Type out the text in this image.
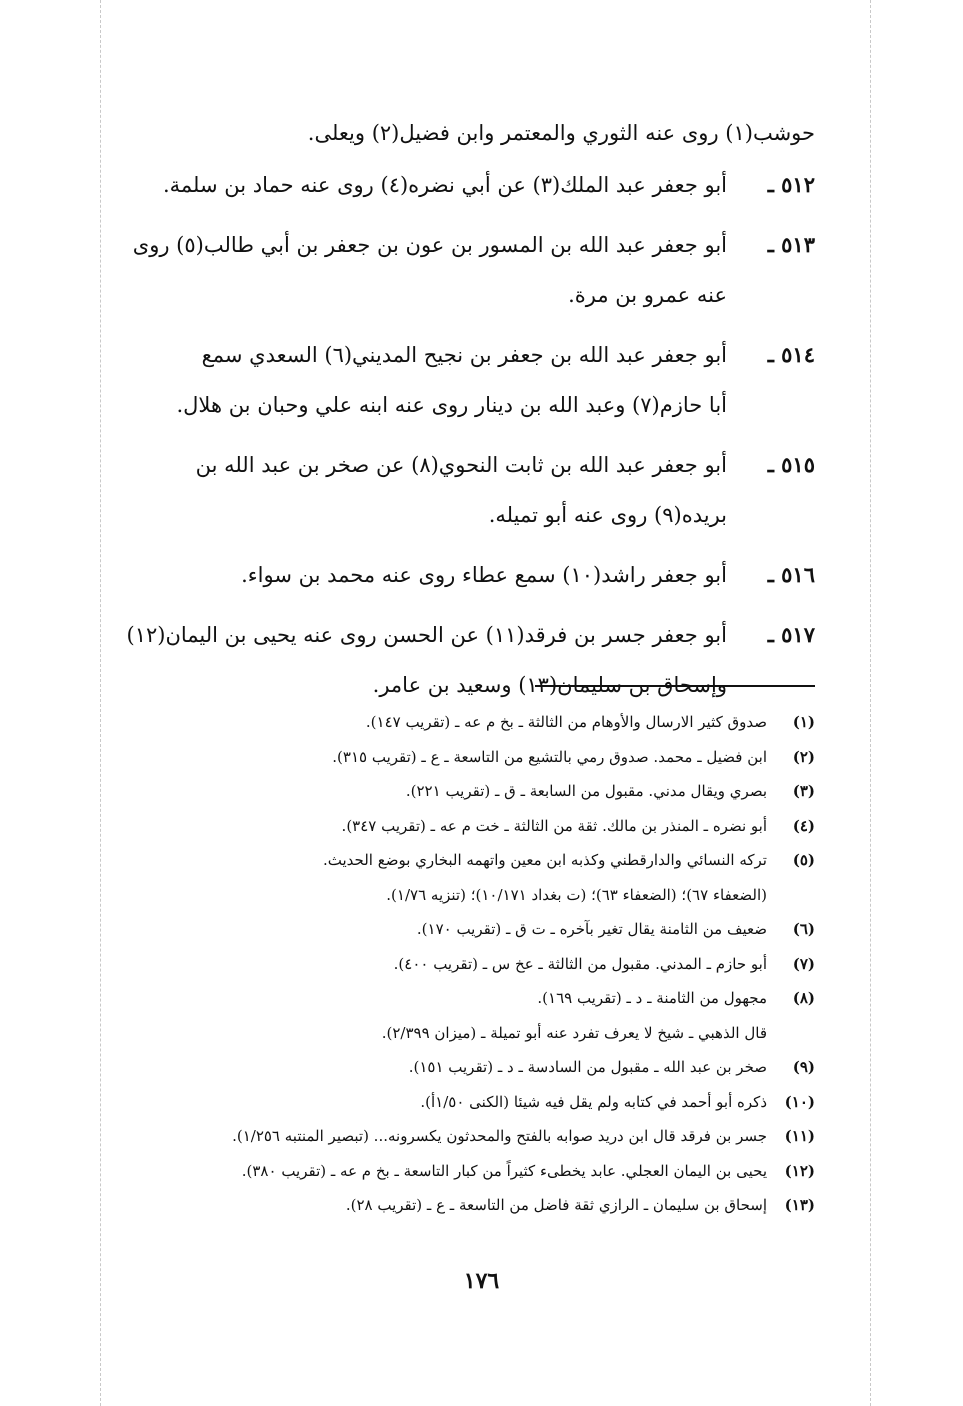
حوشب(١) روى عنه الثوري والمعتمر وابن فضيل(٢) ويعلى.
٥١٢ ـ
أبو جعفر عبد الملك(٣) عن أبي نضره(٤) روى عنه حماد بن سلمة.
٥١٣ ـ
أبو جعفر عبد الله بن المسور بن عون بن جعفر بن أبي طالب(٥) روى
عنه عمرو بن مرة.
٥١٤ ـ
أبو جعفر عبد الله بن جعفر بن نجيح المديني(٦) السعدي سمع
أبا حازم(٧) وعبد الله بن دينار روى عنه ابنه علي وحبان بن هلال.
٥١٥ ـ
أبو جعفر عبد الله بن ثابت النحوي(٨) عن صخر بن عبد الله بن
بريده(٩) روى عنه أبو تميله.
٥١٦ ـ
أبو جعفر راشد(١٠) سمع عطاء روى عنه محمد بن سواء.
٥١٧ ـ
أبو جعفر جسر بن فرقد(١١) عن الحسن روى عنه يحيى بن اليمان(١٢)
وإسحاق بن سليمان(١٣) وسعيد بن عامر.
(١)
صدوق كثير الارسال والأوهام من الثالثة ـ بخ م عه ـ (تقريب ١٤٧).
(٢)
ابن فضيل ـ محمد. صدوق رمي بالتشيع من التاسعة ـ ع ـ (تقريب ٣١٥).
(٣)
بصري ويقال مدني. مقبول من السابعة ـ ق ـ (تقريب ٢٢١).
(٤)
أبو نضره ـ المنذر بن مالك. ثقة من الثالثة ـ خت م عه ـ (تقريب ٣٤٧).
(٥)
تركه النسائي والدارقطني وكذبه ابن معين واتهمه البخاري بوضع الحديث.
(الضعفاء ٦٧)؛ (الضعفاء ٦٣)؛ (ت بغداد ١٠/١٧١)؛ (تنزيه ١/٧٦).
(٦)
ضعيف من الثامنة يقال تغير بآخره ـ ت ق ـ (تقريب ١٧٠).
(٧)
أبو حازم ـ المدني. مقبول من الثالثة ـ عخ س ـ (تقريب ٤٠٠).
(٨)
مجهول من الثامنة ـ د ـ (تقريب ١٦٩).
قال الذهبي ـ شيخ لا يعرف تفرد عنه أبو تميلة ـ (ميزان ٢/٣٩٩).
(٩)
صخر بن عبد الله ـ مقبول من السادسة ـ د ـ (تقريب ١٥١).
(١٠)
ذكره أبو أحمد في كتابه ولم يقل فيه شيئا (الكنى ١/٥٠أ).
(١١)
جسر بن فرقد قال ابن دريد صوابه بالفتح والمحدثون يكسرونه... (تبصير المنتبه ١/٢٥٦).
(١٢)
يحيى بن اليمان العجلي. عابد يخطىء كثيراً من كبار التاسعة ـ بخ م عه ـ (تقريب ٣٨٠).
(١٣)
إسحاق بن سليمان ـ الرازي ثقة فاضل من التاسعة ـ ع ـ (تقريب ٢٨).
١٧٦
